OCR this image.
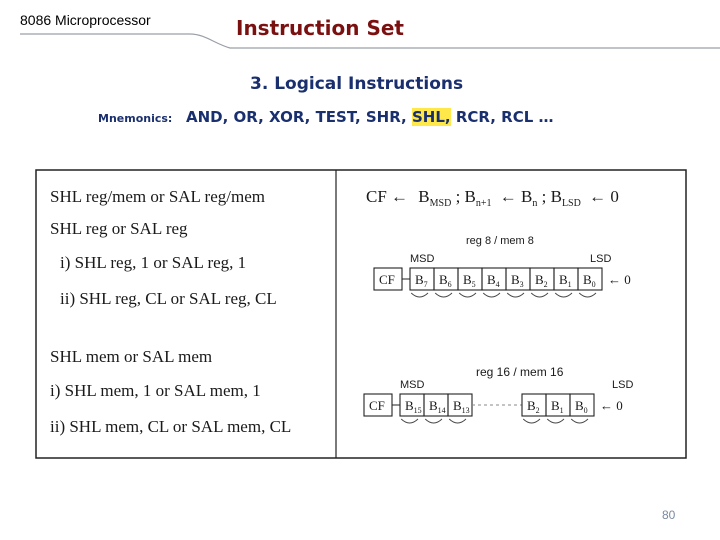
8086 Microprocessor	Instruction Set
3. Logical Instructions
Mnemonics: AND, OR, XOR, TEST, SHR, SHL, RCR, RCL …
SHL reg/mem or SAL reg/mem
SHL reg or SAL reg
i) SHL reg, 1 or SAL reg, 1
ii) SHL reg, CL or SAL reg, CL
SHL mem or SAL mem
i) SHL mem, 1 or SAL mem, 1
ii) SHL mem, CL or SAL mem, CL
CF ← $B_{MSD}$ ; $B_{n+1}$ ← $B_n$ ; $B_{LSD}$ ← 0
reg 8 / mem 8
MSD	LSD
CF $B_7$ $B_6$ $B_5$ $B_4$ $B_3$ $B_2$ $B_1$ $B_0$ ← 0
reg 16 / mem 16
MSD	LSD
CF $B_{15}$ $B_{14}$ $B_{13}$	$B_2$ $B_1$ $B_0$ ← 0
80
